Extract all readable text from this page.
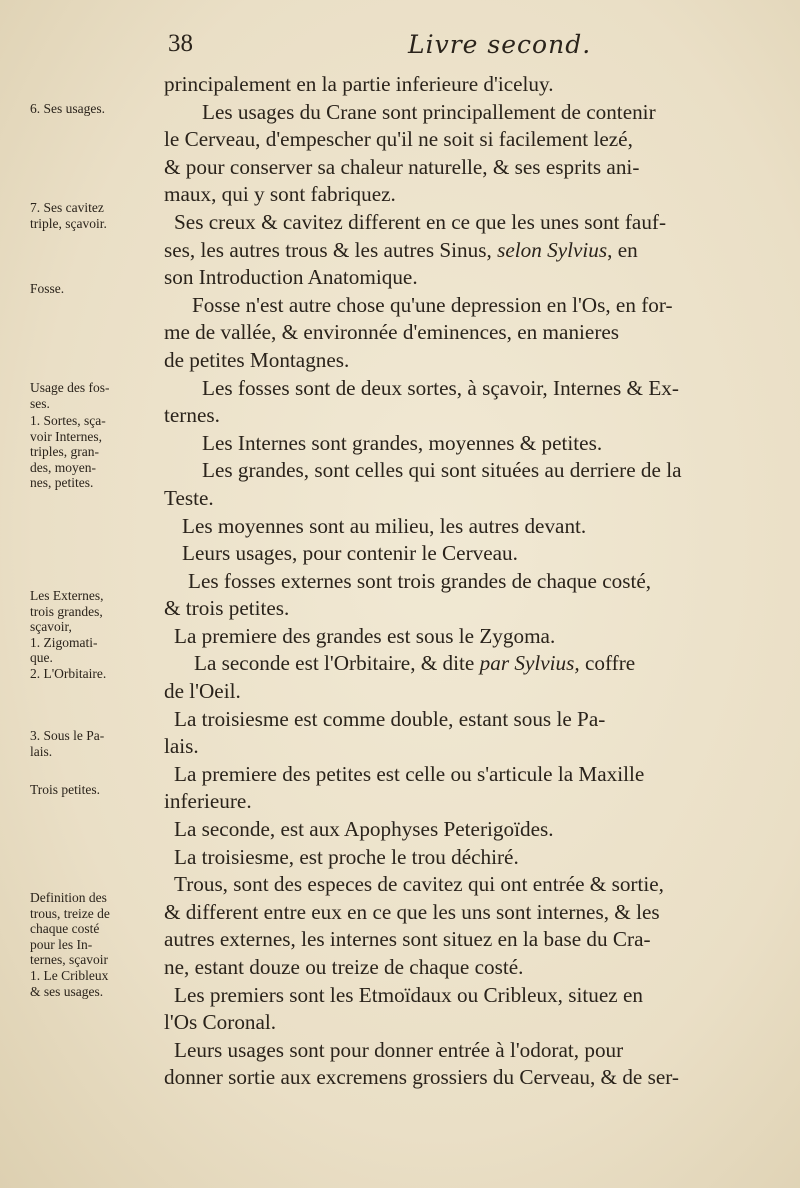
38	Livre second.
principalement en la partie inferieure d'iceluy.
Les usages du Crane sont principallement de contenir
le Cerveau, d'empescher qu'il ne soit si facilement lezé,
& pour conserver sa chaleur naturelle, & ses esprits ani-
maux, qui y sont fabriquez.
Ses creux & cavitez different en ce que les unes sont fauf-
ses, les autres trous & les autres Sinus, selon Sylvius, en
son Introduction Anatomique.
Fosse n'est autre chose qu'une depression en l'Os, en for-
me de vallée, & environnée d'eminences, en manieres
de petites Montagnes.
Les fosses sont de deux sortes, à sçavoir, Internes & Ex-
ternes.
Les Internes sont grandes, moyennes & petites.
Les grandes, sont celles qui sont situées au derriere de la
Teste.
Les moyennes sont au milieu, les autres devant.
Leurs usages, pour contenir le Cerveau.
Les fosses externes sont trois grandes de chaque costé,
& trois petites.
La premiere des grandes est sous le Zygoma.
La seconde est l'Orbitaire, & dite par Sylvius, coffre
de l'Oeil.
La troisiesme est comme double, estant sous le Pa-
lais.
La premiere des petites est celle ou s'articule la Maxille
inferieure.
La seconde, est aux Apophyses Peterigoïdes.
La troisiesme, est proche le trou déchiré.
Trous, sont des especes de cavitez qui ont entrée & sortie,
& different entre eux en ce que les uns sont internes, & les
autres externes, les internes sont situez en la base du Cra-
ne, estant douze ou treize de chaque costé.
Les premiers sont les Etmoïdaux ou Cribleux, situez en
l'Os Coronal.
Leurs usages sont pour donner entrée à l'odorat, pour
donner sortie aux excremens grossiers du Cerveau, & de ser-
6. Ses usages.
7. Ses cavitez
triple, sçavoir.
Fosse.
Usage des fos-
ses.
1. Sortes, sça-
voir Internes,
triples, gran-
des, moyen-
nes, petites.
Les Externes,
trois grandes,
sçavoir,
1. Zigomati-
que.
2. L'Orbitaire.
3. Sous le Pa-
lais.
Trois petites.
Definition des
trous, treize de
chaque costé
pour les In-
ternes, sçavoir
1. Le Cribleux
& ses usages.
